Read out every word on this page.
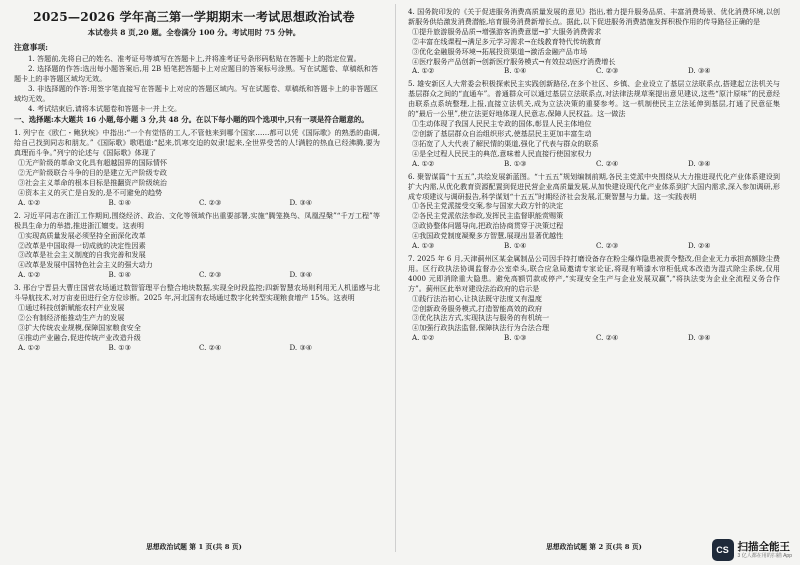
2025—2026 学年高三第一学期期末一考试思想政治试卷
本试卷共 8 页,20 题。全卷满分 100 分。考试用时 75 分钟。
注意事项:
1. 答题前,先将自己的姓名、准考证号等填写在答题卡上,并将准考证号条形码粘贴在答题卡上的指定位置。
2. 选择题的作答:选出每小题答案后,用 2B 铅笔把答题卡上对应题目的答案标号涂黑。写在试题卷、草稿纸和答题卡上的非答题区域均无效。
3. 非选择题的作答:用签字笔直接写在答题卡上对应的答题区域内。写在试题卷、草稿纸和答题卡上的非答题区域均无效。
4. 考试结束后,请将本试题卷和答题卡一并上交。
一、选择题:本大题共 16 小题,每小题 3 分,共 48 分。在以下每小题的四个选项中,只有一项是符合题意的。
1. 列宁在《欧仁・鲍狄埃》中指出:“一个有觉悟的工人,不管他来到哪个国家……都可以凭《国际歌》的熟悉的曲调,给自己找到同志和朋友。”《国际歌》歌唱道:“起来,饥寒交迫的奴隶!起来,全世界受苦的人!满腔的热血已经沸腾,要为真理而斗争。”列宁的论述与《国际歌》体现了
①无产阶级的革命文化具有超越国界的国际情怀
②无产阶级联合斗争的目的是建立无产阶级专政
③社会主义革命的根本目标是推翻资产阶级统治
④资本主义的灭亡是自发的,是不可避免的趋势
A. ①②	B. ①④	C. ②③	D. ③④
2. 习近平同志在浙江工作期间,围绕经济、政治、文化等领域作出重要部署,实施“腾笼换鸟、凤凰涅槃”“千万工程”等极具生命力的举措,推进浙江嬗变。这表明
①实现高质量发展必须坚持全面深化改革
②改革是中国取得一切成就的决定性因素
③改革是社会主义制度的自我完善和发展
④改革是发展中国特色社会主义的强大动力
A. ①②	B. ①④	C. ②③	D. ③④
3. 邢台宁晋县大曹庄国营农场通过数智管理平台整合地块数据,实现全时段监控;四新智慧农场则利用无人机遥感与北斗导航技术,对万亩麦田进行全方位诊断。2025 年,河北国有农场通过数字化转型实现粮食增产 15%。这表明
①通过科技创新赋能农村产业发展
②公有制经济能推动生产力的发展
③扩大传统农业规模,保障国家粮食安全
④推动产业融合,促进传统产业改造升级
A. ①②	B. ①③	C. ②④	D. ③④
思想政治试题 第 1 页(共 8 页)
4. 国务院印发的《关于促进服务消费高质量发展的意见》指出,着力提升服务品质、丰富消费场景、优化消费环境,以创新服务供给激发消费潜能,培育服务消费新增长点。据此,以下促进服务消费措施发挥积极作用的传导路径正确的是
①提升旅游服务品质→增强游客消费意愿→扩大服务消费需求
②丰富在线课程→满足多元学习需求→在线教育特代传统教育
③优化金融服务环境→拓展投资渠道→激活金融产品市场
④医疗服务产品创新→创新医疗服务模式→有效拉动医疗消费增长
A. ①②	B. ①④	C. ②③	D. ③④
5. 雄安新区人大常委会积极探索民主实践创新路径,在多个社区、乡镇、企业设立了基层立法联系点,搭建起立法机关与基层群众之间的“直通车”。普通群众可以通过基层立法联系点,对法律法规草案提出意见建议,这些“原汁原味”的民意经由联系点系统整理,上报,直接立法机关,成为立法决策的重要参考。这一机制使民主立法延伸到基层,打通了民意征集的“最后一公里”,使立法更好地体现人民意志,保障人民权益。这一做法
①生动体现了我国人民民主专政的国体,彰显人民主体地位
②创新了基层群众自治组织形式,使基层民主更加丰富生动
③拓宽了人大代表了解民情的渠道,强化了代表与群众的联系
④是全过程人民民主的典范,意味着人民直接行使国家权力
A. ①②	B. ①③	C. ②④	D. ③④
6. 聚智谋篇“十五五”,共绘发展新蓝图。“十五五”规划编制前期,各民主党派中央围绕从大力推进现代化产业体系建设到扩大内需,从优化教育资源配置到促进民营企业高质量发展,从加快建设现代化产业体系到扩大国内需求,深入参加调研,形成专项建议与调研报告,科学谋划“十五五”时期经济社会发展,汇聚智慧与力量。这一实践表明
①各民主党派接受交案,参与国家大政方针的决定
②各民主党派依法参政,发挥民主监督职能赏赐策
③政协整体问题导向,把政治协商贯穿于决策过程
④我国政党制度凝聚多方智慧,展现出显著优越性
A. ①③	B. ①④	C. ②③	D. ②④
7. 2025 年 6 月,天津蓟州区某金属制品公司因手持打磨设备存在粉尘爆炸隐患被责令整改,但企业无力承担高额除尘费用。区行政执法协调监督办公室牵头,联合应急局邀请专家论证,将现有喷漆水帘柜低成本改造为湿式除尘系统,仅用 4000 元即消除重大隐患。避免高额罚款或停产,“实现安全生产与企业发展双赢”,“将执法变为企业全流程义务合作方”。蓟州区此举对建设法治政府的启示是
①践行法治初心,让执法既守法度又有温度
②创新政务服务模式,打造智能高效的政府
③优化执法方式,实现执法与服务的有机统一
④加强行政执法监督,保障执法行为合法合理
A. ①②	B. ①③	C. ②④	D. ③④
思想政治试题 第 2 页(共 8 页)	CS 扫描全能王
3 亿人都在用的扫描 App
